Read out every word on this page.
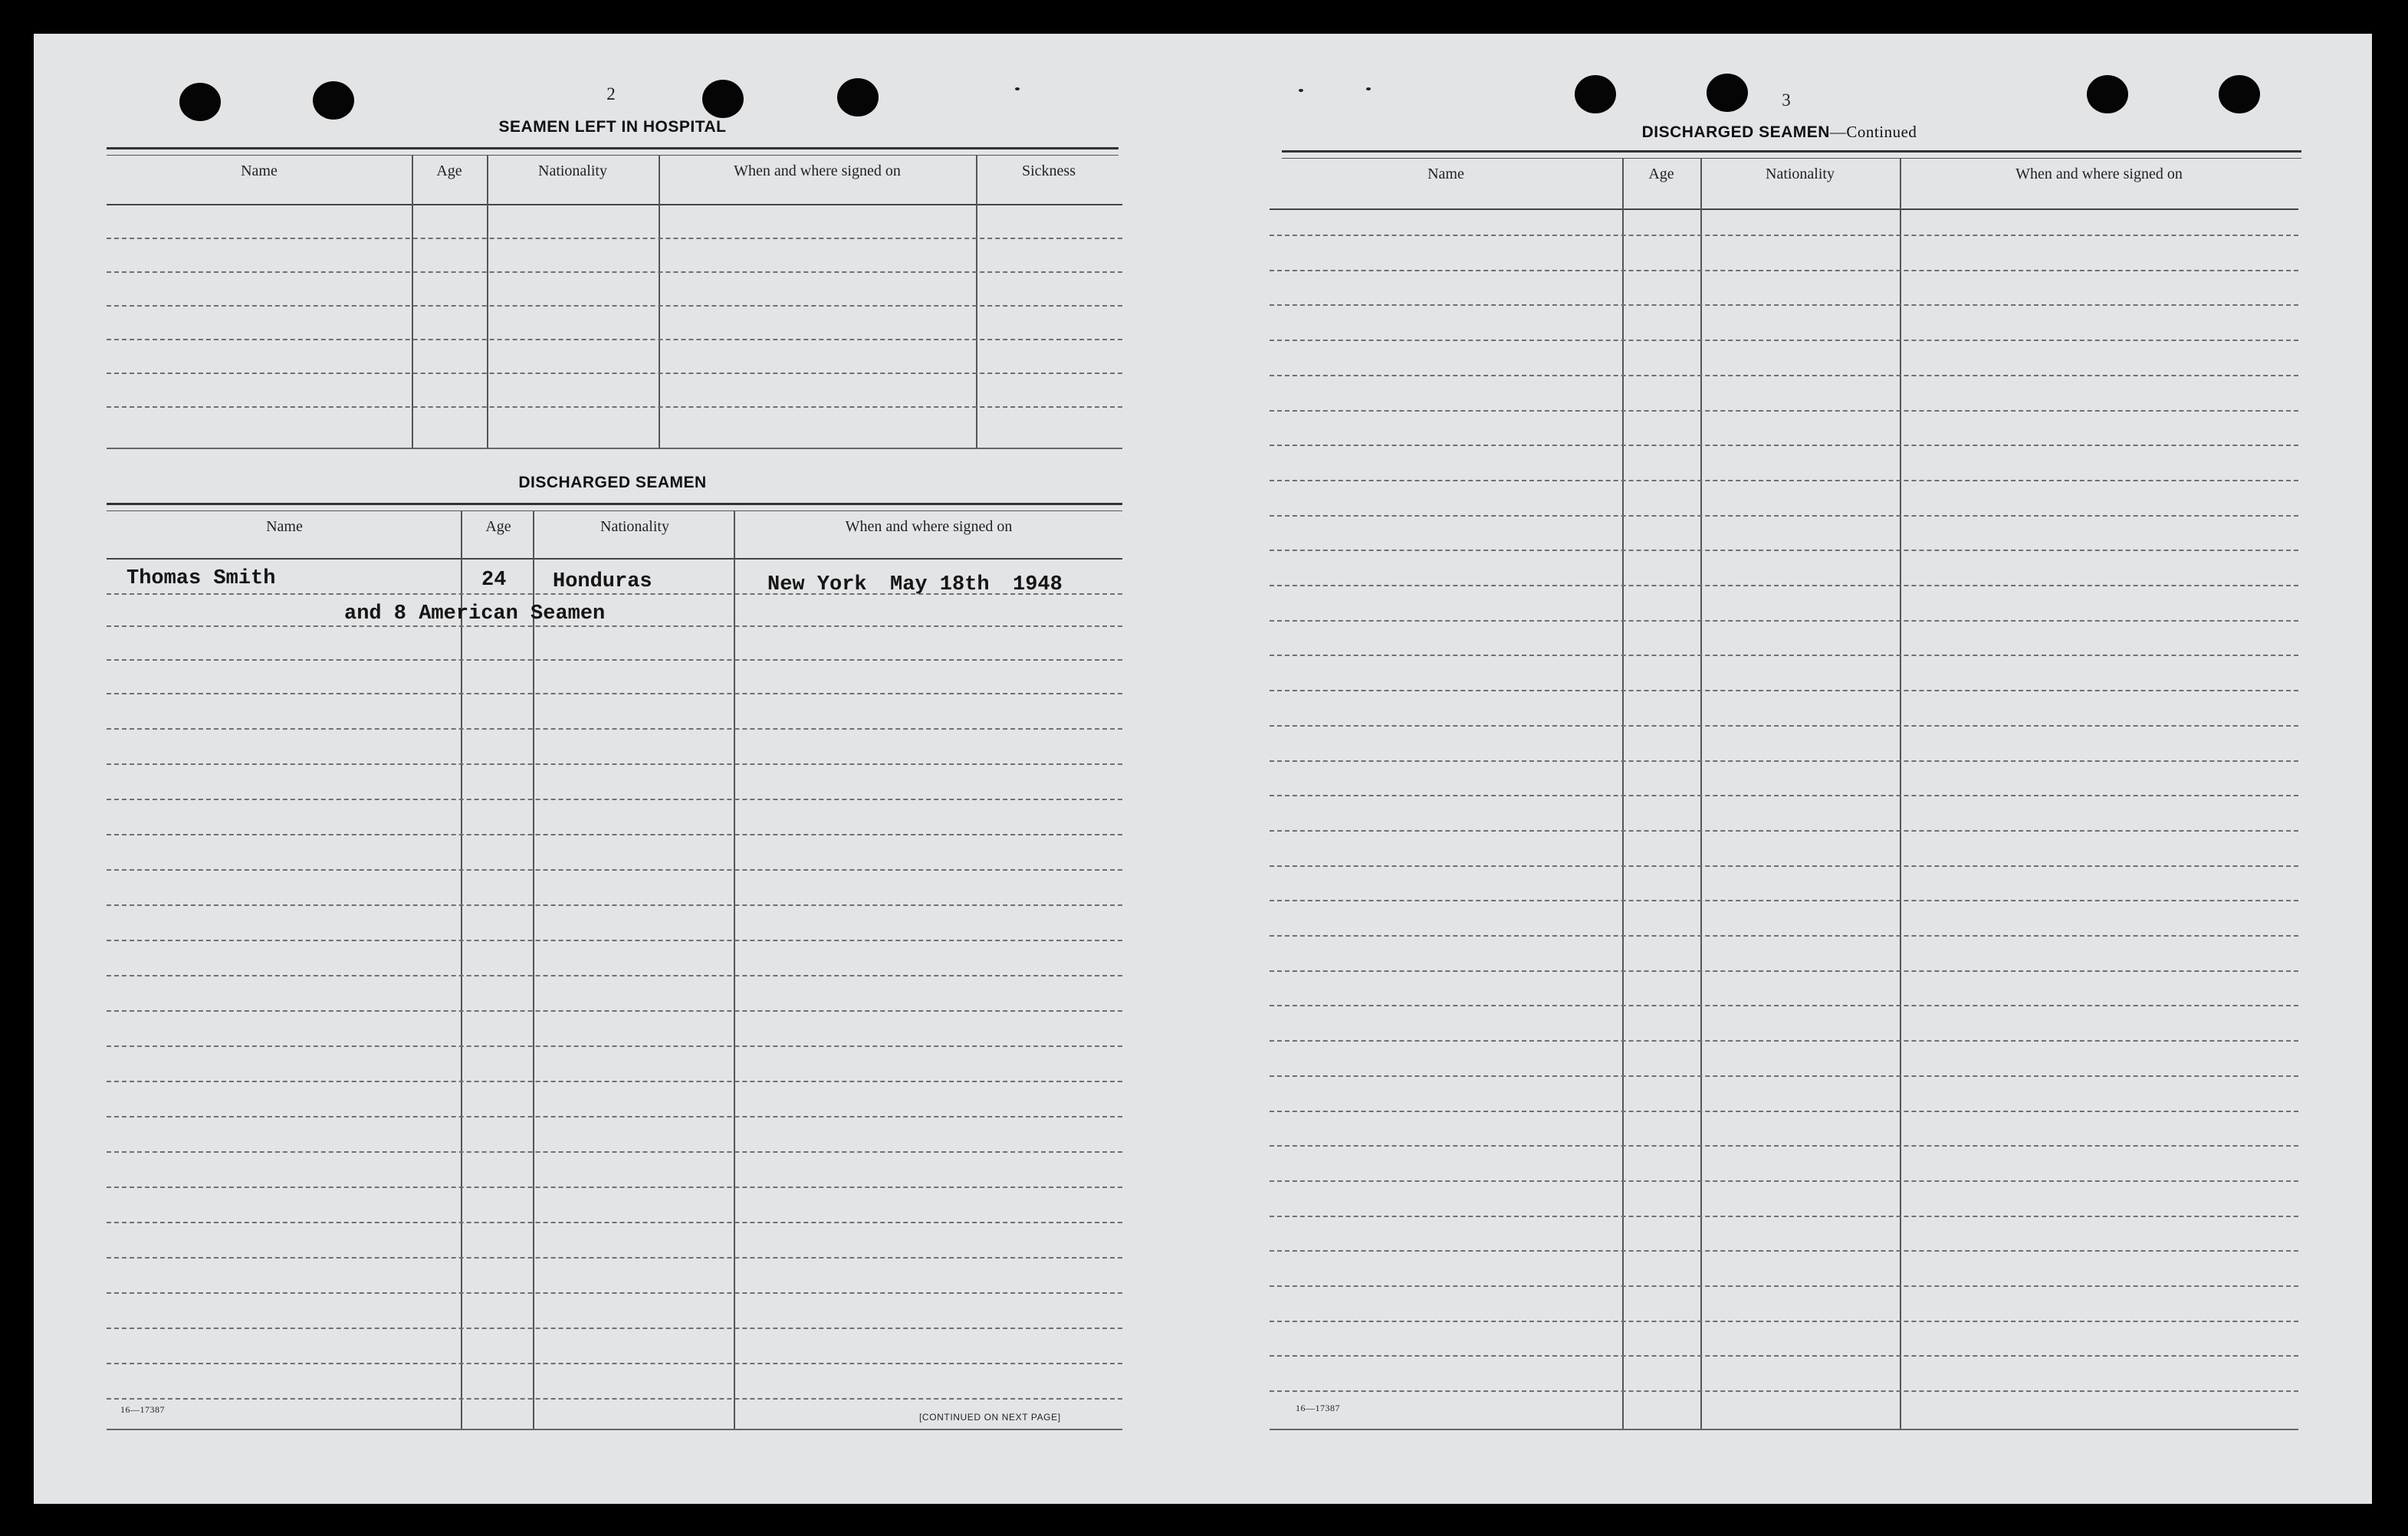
2
SEAMEN LEFT IN HOSPITAL
Name	Age	Nationality	When and where signed on	Sickness
DISCHARGED SEAMEN
Name	Age	Nationality	When and where signed on
Thomas Smith	24 Honduras	New York May 18th 1948
and 8 American Seamen
16—17387
[CONTINUED ON NEXT PAGE]
3
DISCHARGED SEAMEN—Continued
Name	Age	Nationality	When and where signed on
16—17387
